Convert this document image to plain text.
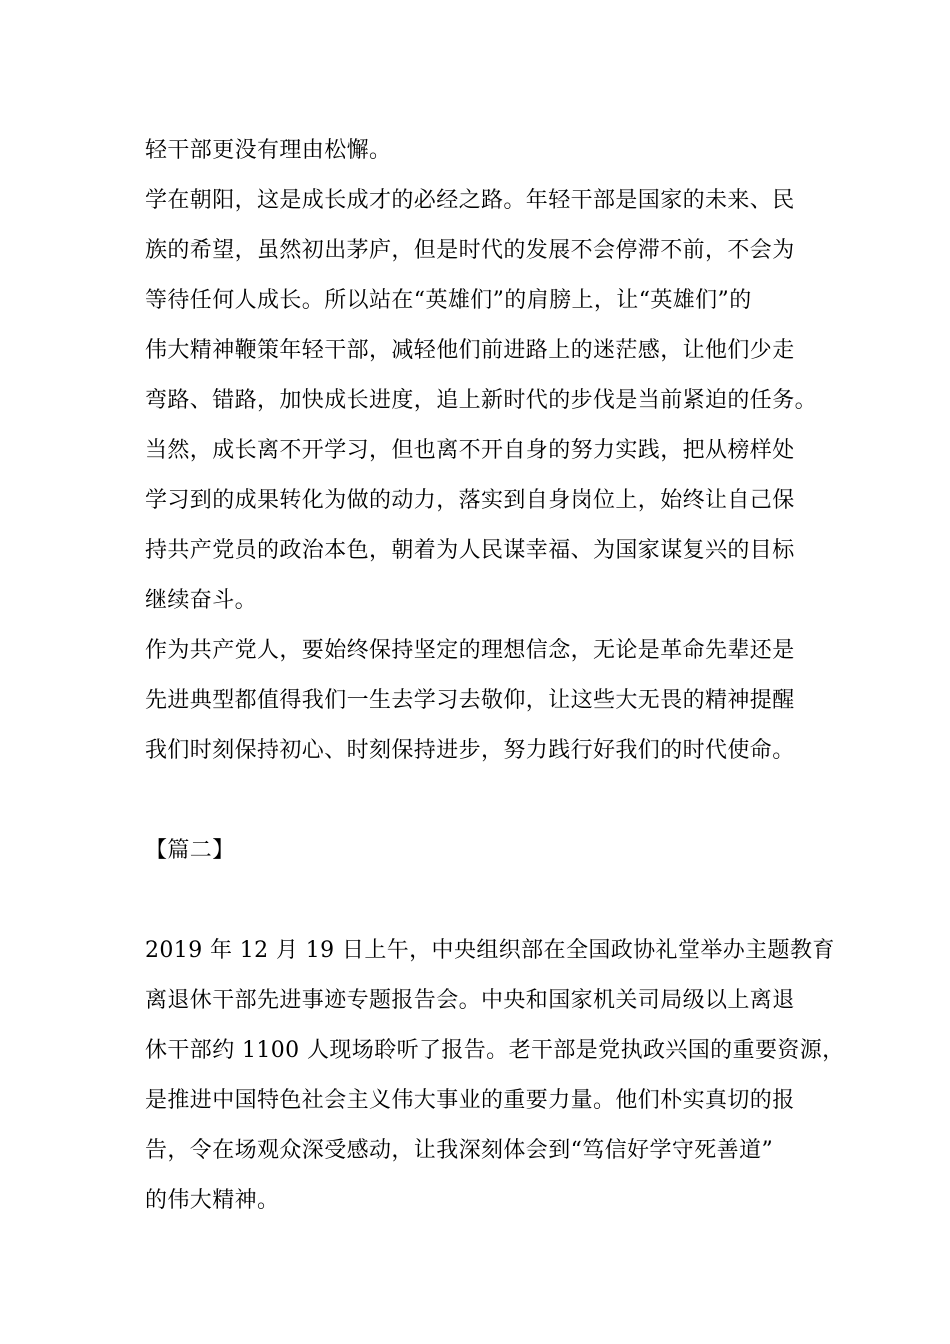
轻干部更没有理由松懈。
学在朝阳，这是成长成才的必经之路。年轻干部是国家的未来、民
族的希望，虽然初出茅庐，但是时代的发展不会停滞不前，不会为
等待任何人成长。所以站在“英雄们”的肩膀上，让“英雄们”的
伟大精神鞭策年轻干部，减轻他们前进路上的迷茫感，让他们少走
弯路、错路，加快成长进度，追上新时代的步伐是当前紧迫的任务。
当然，成长离不开学习，但也离不开自身的努力实践，把从榜样处
学习到的成果转化为做的动力，落实到自身岗位上，始终让自己保
持共产党员的政治本色，朝着为人民谋幸福、为国家谋复兴的目标
继续奋斗。
作为共产党人，要始终保持坚定的理想信念，无论是革命先辈还是
先进典型都值得我们一生去学习去敬仰，让这些大无畏的精神提醒
我们时刻保持初心、时刻保持进步，努力践行好我们的时代使命。
【篇二】
2019 年 12 月 19 日上午，中央组织部在全国政协礼堂举办主题教育
离退休干部先进事迹专题报告会。中央和国家机关司局级以上离退
休干部约 1100 人现场聆听了报告。老干部是党执政兴国的重要资源，
是推进中国特色社会主义伟大事业的重要力量。他们朴实真切的报
告，令在场观众深受感动，让我深刻体会到“笃信好学守死善道”
的伟大精神。
